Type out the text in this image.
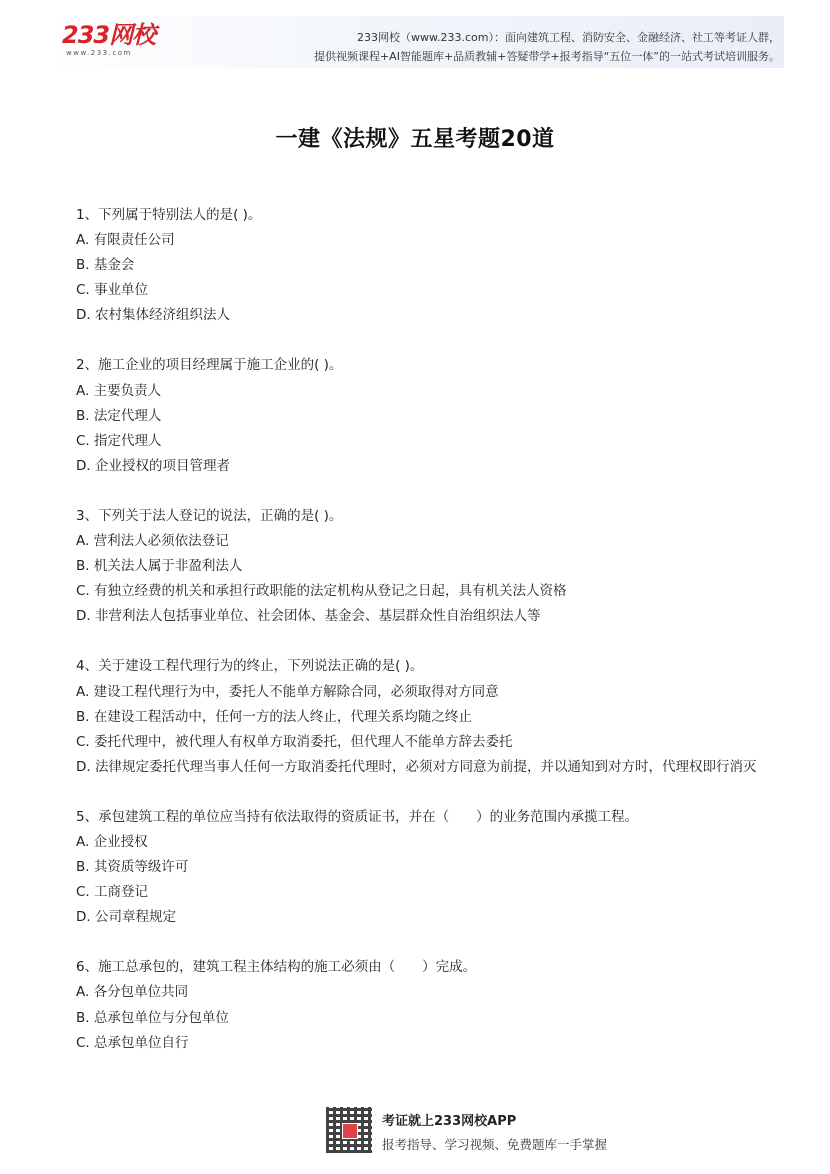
233网校
www.233.com
233网校（www.233.com）：面向建筑工程、消防安全、金融经济、社工等考证人群，
提供视频课程+AI智能题库+品质教辅+答疑带学+报考指导“五位一体”的一站式考试培训服务。
一建《法规》五星考题20道
1、下列属于特别法人的是( )。
A. 有限责任公司
B. 基金会
C. 事业单位
D. 农村集体经济组织法人
2、施工企业的项目经理属于施工企业的( )。
A. 主要负责人
B. 法定代理人
C. 指定代理人
D. 企业授权的项目管理者
3、下列关于法人登记的说法，正确的是( )。
A. 营利法人必须依法登记
B. 机关法人属于非盈利法人
C. 有独立经费的机关和承担行政职能的法定机构从登记之日起，具有机关法人资格
D. 非营利法人包括事业单位、社会团体、基金会、基层群众性自治组织法人等
4、关于建设工程代理行为的终止，下列说法正确的是( )。
A. 建设工程代理行为中，委托人不能单方解除合同，必须取得对方同意
B. 在建设工程活动中，任何一方的法人终止，代理关系均随之终止
C. 委托代理中，被代理人有权单方取消委托，但代理人不能单方辞去委托
D. 法律规定委托代理当事人任何一方取消委托代理时，必须对方同意为前提，并以通知到对方时，代理权即行消灭
5、承包建筑工程的单位应当持有依法取得的资质证书，并在（　　）的业务范围内承揽工程。
A. 企业授权
B. 其资质等级许可
C. 工商登记
D. 公司章程规定
6、施工总承包的，建筑工程主体结构的施工必须由（　　）完成。
A. 各分包单位共同
B. 总承包单位与分包单位
C. 总承包单位自行
考证就上233网校APP
报考指导、学习视频、免费题库一手掌握
